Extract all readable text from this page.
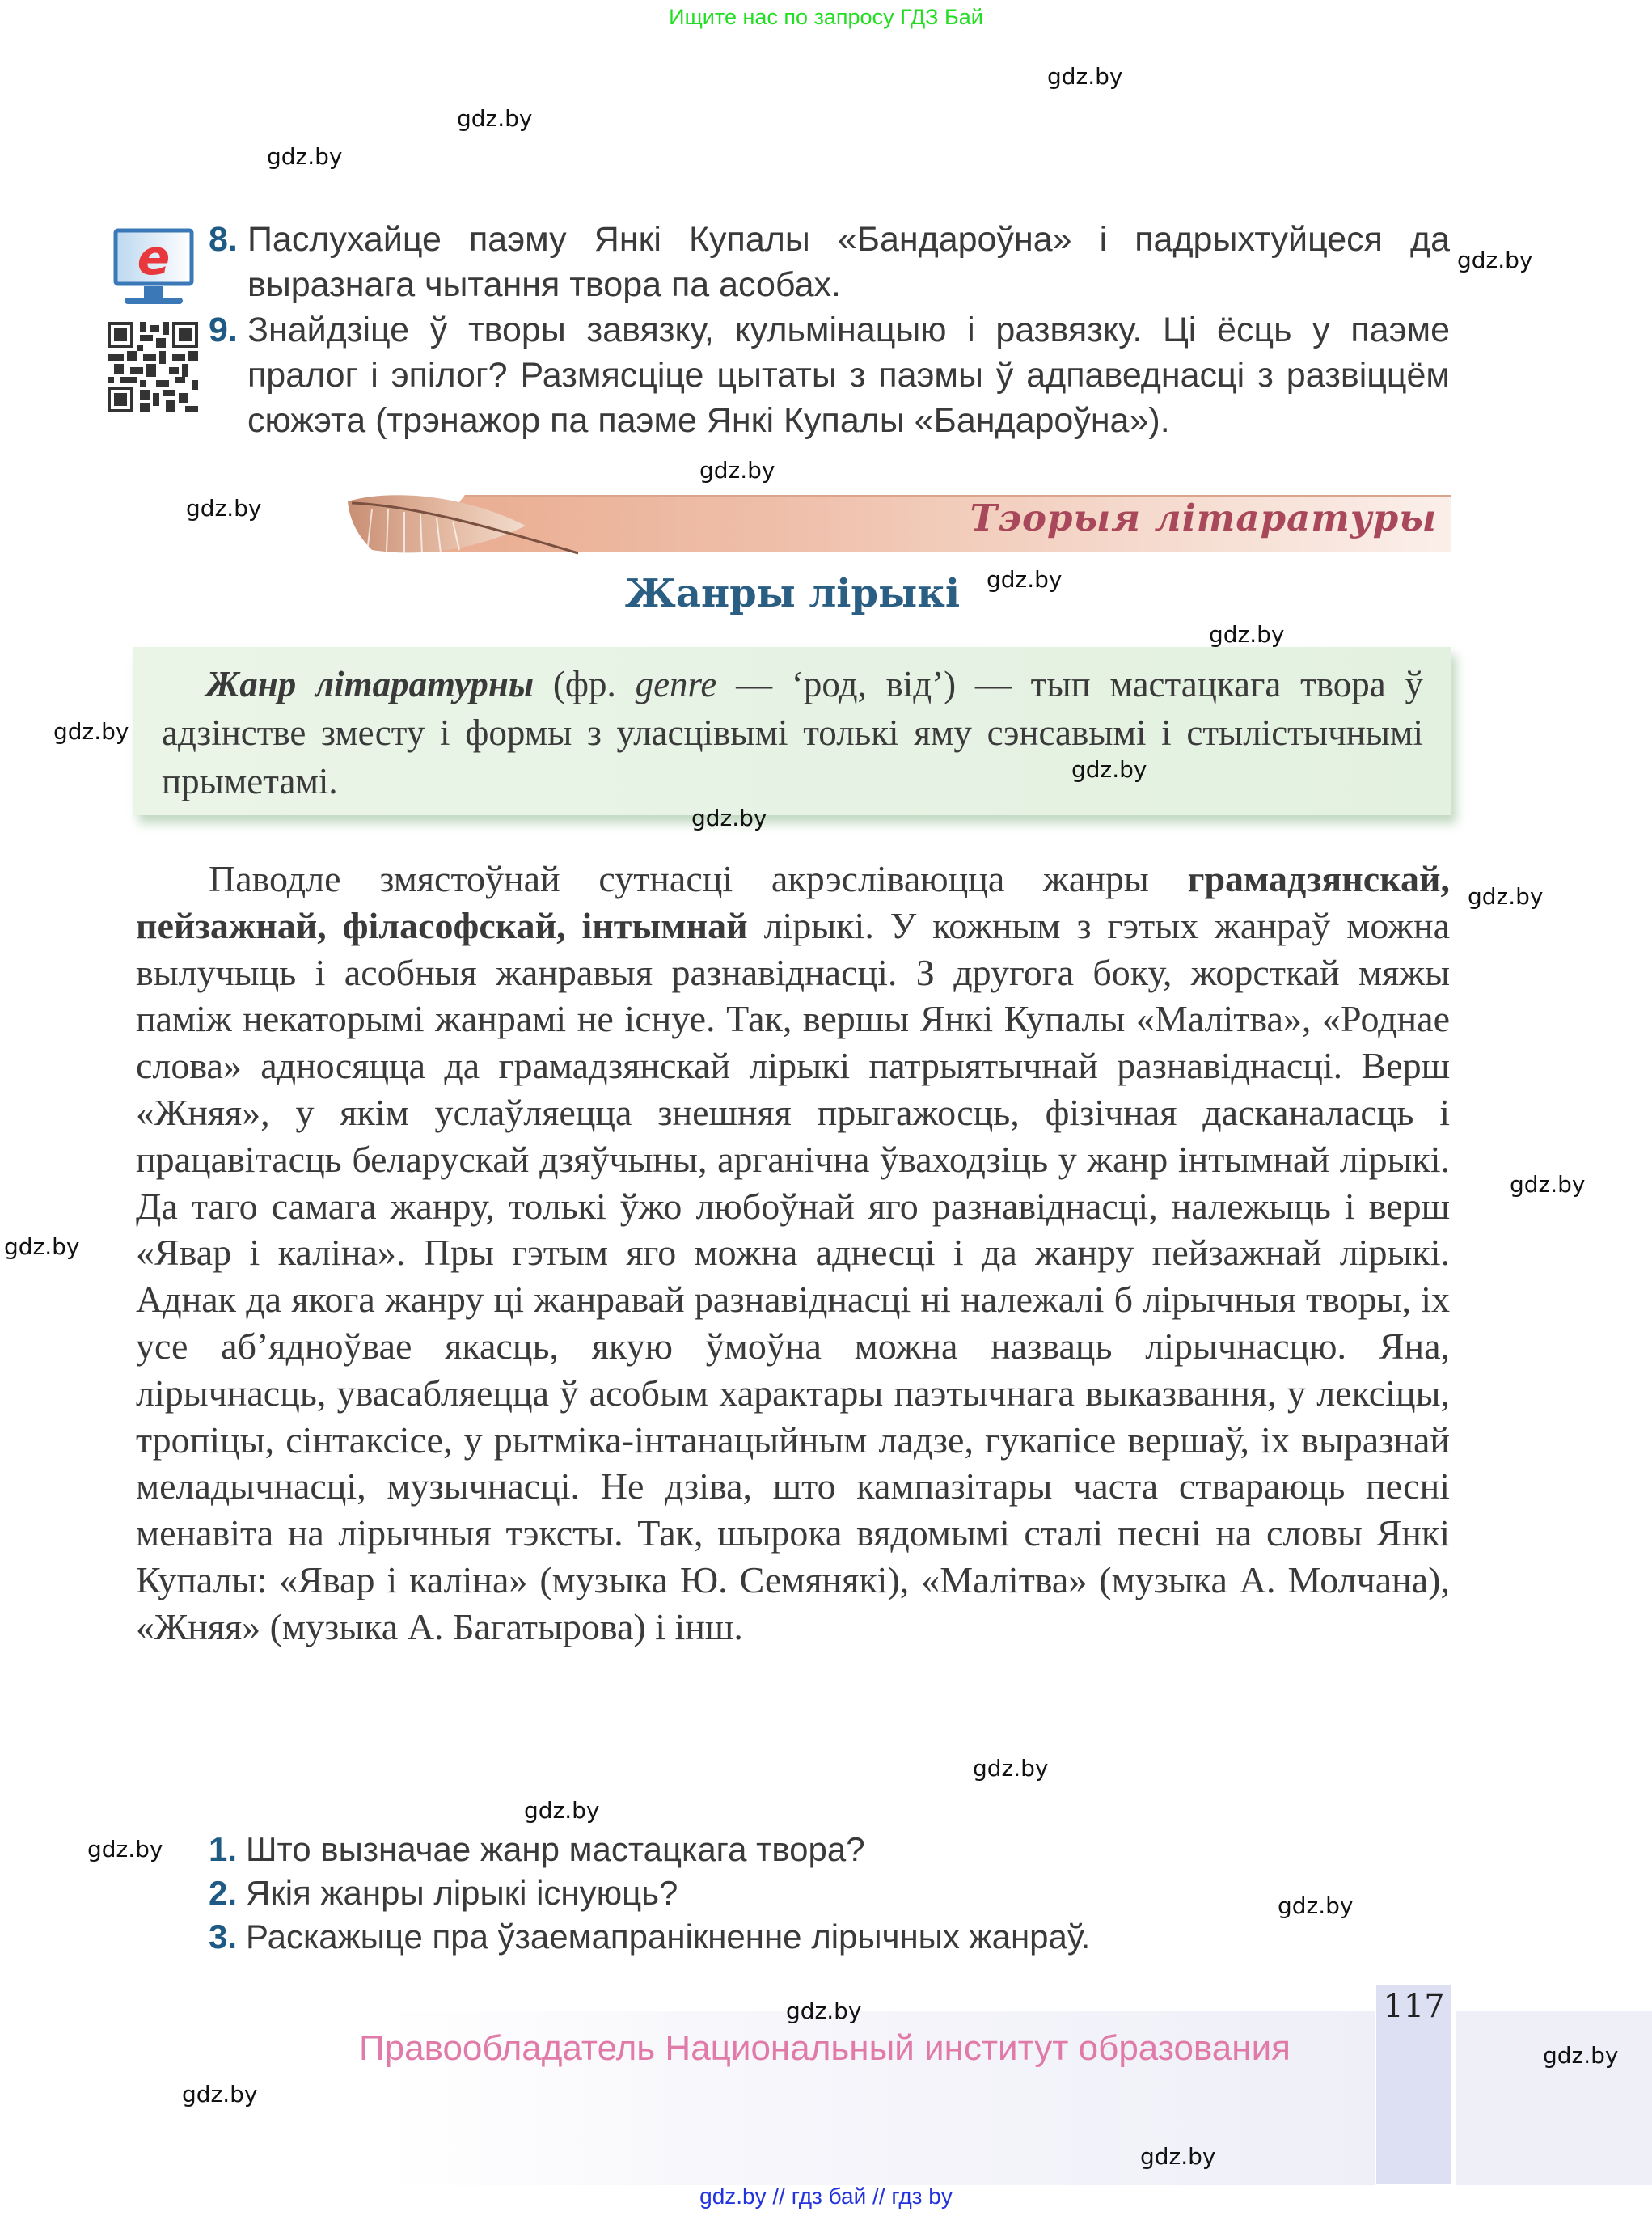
Ищите нас по запросу ГДЗ Бай
e 8. Паслухайце паэму Янкі Купалы «Бандароўна» і падрыхтуйцеся да выразнага чытання твора па асобах.
9. Знайдзіце ў творы завязку, кульмінацыю і развязку. Ці ёсць у паэме пралог і эпілог? Размясціце цытаты з паэмы ў адпаведнасці з развіццём сюжэта (трэнажор па паэме Янкі Купалы «Бандароўна»).
Тэорыя літаратуры
Жанры лірыкі
Жанр літаратурны (фр. genre — ‘род, від’) — тып мастацкага твора ў адзінстве зместу і формы з уласцівымі толькі яму сэнсавымі і стылістычнымі прыметамі.
Паводле змястоўнай сутнасці акрэсліваюцца жанры грамадзянскай, пейзажнай, філасофскай, інтымнай лірыкі. У кожным з гэтых жанраў можна вылучыць і асобныя жанравыя разнавіднасці. З другога боку, жорсткай мяжы паміж некаторымі жанрамі не існуе. Так, вершы Янкі Купалы «Малітва», «Роднае слова» адносяцца да грамадзянскай лірыкі патрыятычнай разнавіднасці. Верш «Жняя», у якім услаўляецца знешняя прыгажосць, фізічная дасканаласць і працавітасць беларускай дзяўчыны, арганічна ўваходзіць у жанр інтымнай лірыкі. Да таго самага жанру, толькі ўжо любоўнай яго разнавіднасці, належыць і верш «Явар і каліна». Пры гэтым яго можна аднесці і да жанру пейзажнай лірыкі. Аднак да якога жанру ці жанравай разнавіднасці ні належалі б лірычныя творы, іх усе аб’ядноўвае якасць, якую ўмоўна можна назваць лірычнасцю. Яна, лірычнасць, увасабляецца ў асобым характары паэтычнага выказвання, у лексіцы, тропіцы, сінтаксісе, у рытміка-інтанацыйным ладзе, гукапісе вершаў, іх выразнай меладычнасці, музычнасці. Не дзіва, што кампазітары часта ствараюць песні менавіта на лірычныя тэксты. Так, шырока вядомымі сталі песні на словы Янкі Купалы: «Явар і каліна» (музыка Ю. Семянякі), «Малітва» (музыка А. Молчана), «Жняя» (музыка А. Багатырова) і інш.
1. Што вызначае жанр мастацкага твора?
2. Якія жанры лірыкі існуюць?
3. Раскажыце пра ўзаемапранікненне лірычных жанраў.
Правообладатель Национальный институт образования
117
gdz.by // гдз бай // гдз by
gdz.by
gdz.by
gdz.by
gdz.by
gdz.by
gdz.by
gdz.by
gdz.by
gdz.by
gdz.by
gdz.by
gdz.by
gdz.by
gdz.by
gdz.by
gdz.by
gdz.by
gdz.by
gdz.by
gdz.by
gdz.by
gdz.by
